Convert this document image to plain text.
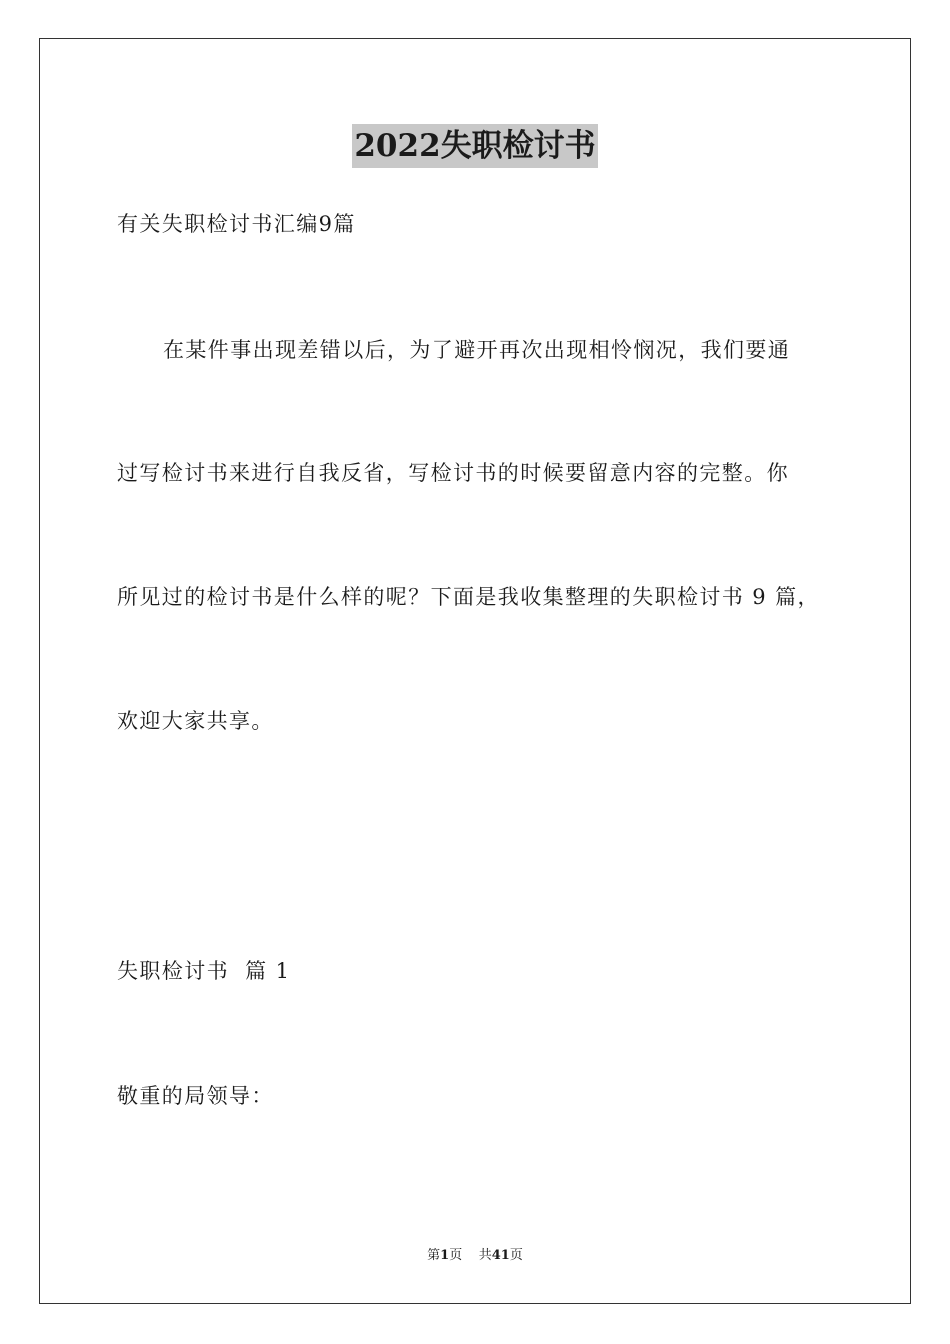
2022失职检讨书
有关失职检讨书汇编9篇
在某件事出现差错以后，为了避开再次出现相怜悯况，我们要通
过写检讨书来进行自我反省，写检讨书的时候要留意内容的完整。你
所见过的检讨书是什么样的呢？下面是我收集整理的失职检讨书 9 篇，
欢迎大家共享。
失职检讨书  篇 1
敬重的局领导：
第1页    共41页
